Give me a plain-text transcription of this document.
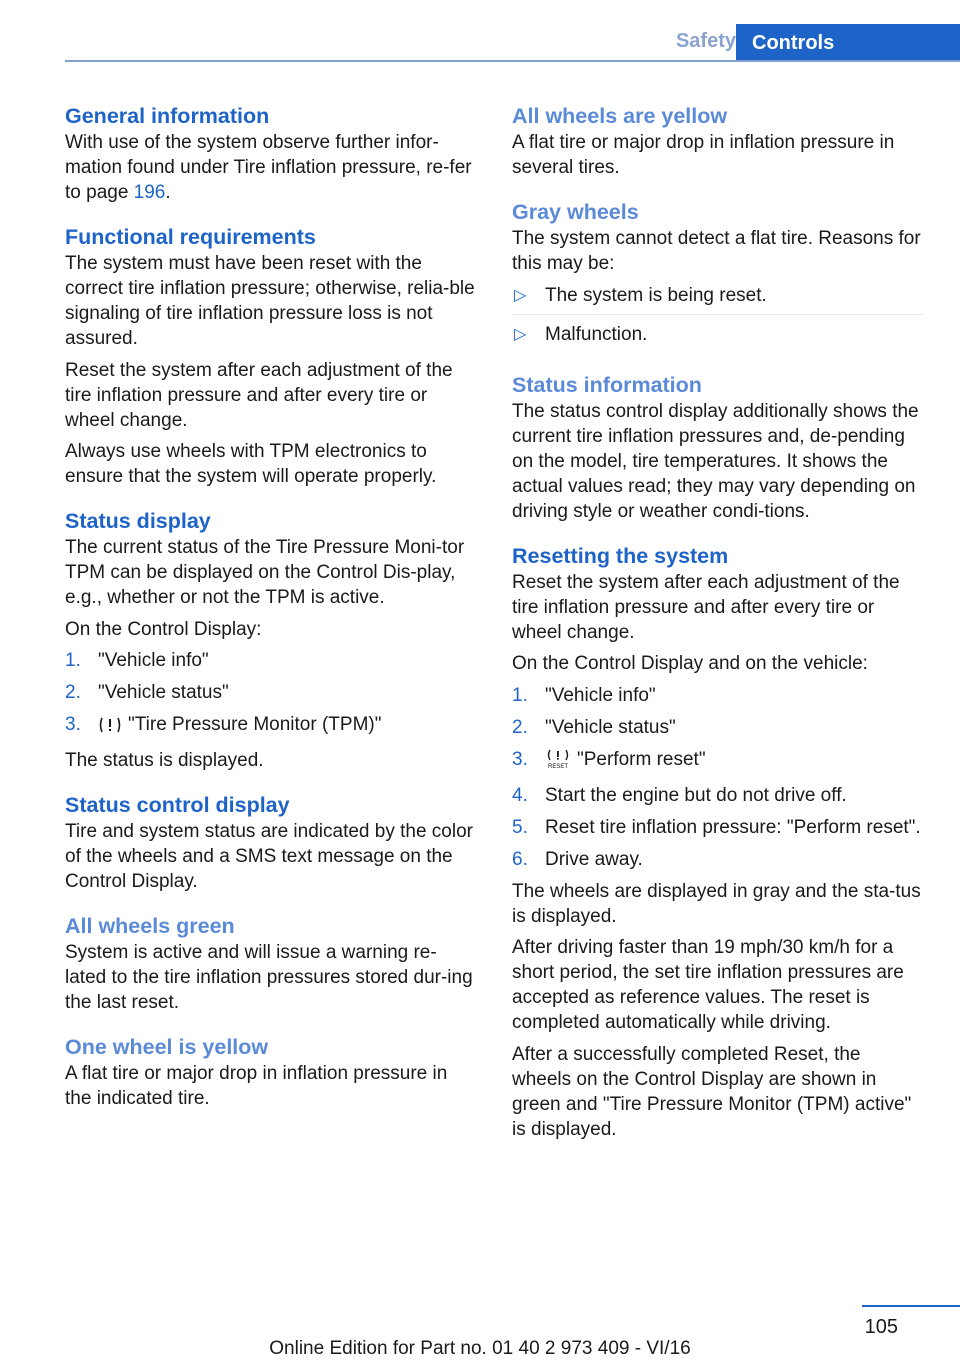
Safety Controls

General information

With use of the system observe further infor-mation found under Tire inflation pressure, re-fer to page 196.

Functional requirements

The system must have been reset with the correct tire inflation pressure; otherwise, relia-ble signaling of tire inflation pressure loss is not assured.

Reset the system after each adjustment of the tire inflation pressure and after every tire or wheel change.

Always use wheels with TPM electronics to ensure that the system will operate properly.

Status display

The current status of the Tire Pressure Moni-tor TPM can be displayed on the Control Dis-play, e.g., whether or not the TPM is active.

On the Control Display:

1. "Vehicle info"
2. "Vehicle status"
3. "Tire Pressure Monitor (TPM)"

The status is displayed.

Status control display

Tire and system status are indicated by the color of the wheels and a SMS text message on the Control Display.

All wheels green

System is active and will issue a warning re-lated to the tire inflation pressures stored dur-ing the last reset.

One wheel is yellow

A flat tire or major drop in inflation pressure in the indicated tire.

All wheels are yellow

A flat tire or major drop in inflation pressure in several tires.

Gray wheels

The system cannot detect a flat tire. Reasons for this may be:

▷ The system is being reset.
▷ Malfunction.

Status information

The status control display additionally shows the current tire inflation pressures and, de-pending on the model, tire temperatures. It shows the actual values read; they may vary depending on driving style or weather condi-tions.

Resetting the system

Reset the system after each adjustment of the tire inflation pressure and after every tire or wheel change.

On the Control Display and on the vehicle:

1. "Vehicle info"
2. "Vehicle status"
3.	RESET "Perform reset"
4. Start the engine but do not drive off.
5. Reset tire inflation pressure: "Perform reset".
6. Drive away.

The wheels are displayed in gray and the sta-tus is displayed.

After driving faster than 19 mph/30 km/h for a short period, the set tire inflation pressures are accepted as reference values. The reset is completed automatically while driving.

After a successfully completed Reset, the wheels on the Control Display are shown in green and "Tire Pressure Monitor (TPM) active" is displayed.

105
Online Edition for Part no. 01 40 2 973 409 - VI/16
